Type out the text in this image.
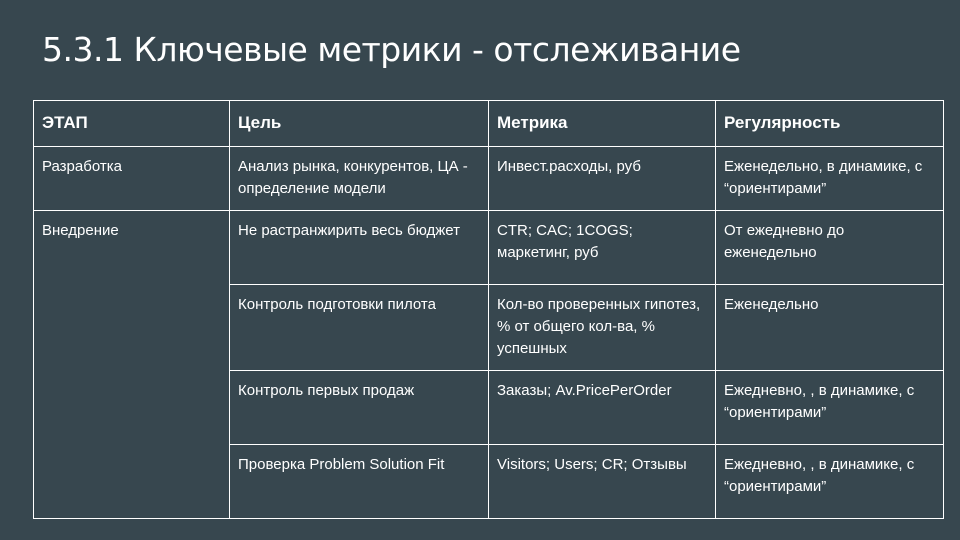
5.3.1 Ключевые метрики - отслеживание
ЭТАП	Цель	Метрика	Регулярность
Разработка	Анализ рынка, конкурентов, ЦА - определение модели	Инвест.расходы, руб	Еженедельно, в динамике, с “ориентирами”
Внедрение	Не растранжирить весь бюджет	CTR; CAC; 1COGS; маркетинг, руб	От ежедневно до еженедельно
	Контроль подготовки пилота	Кол-во проверенных гипотез, % от общего кол-ва, % успешных	Еженедельно
	Контроль первых продаж	Заказы; Av.PricePerOrder	Ежедневно, , в динамике, с “ориентирами”
	Проверка Problem Solution Fit	Visitors; Users; CR; Отзывы	Ежедневно, , в динамике, с “ориентирами”
